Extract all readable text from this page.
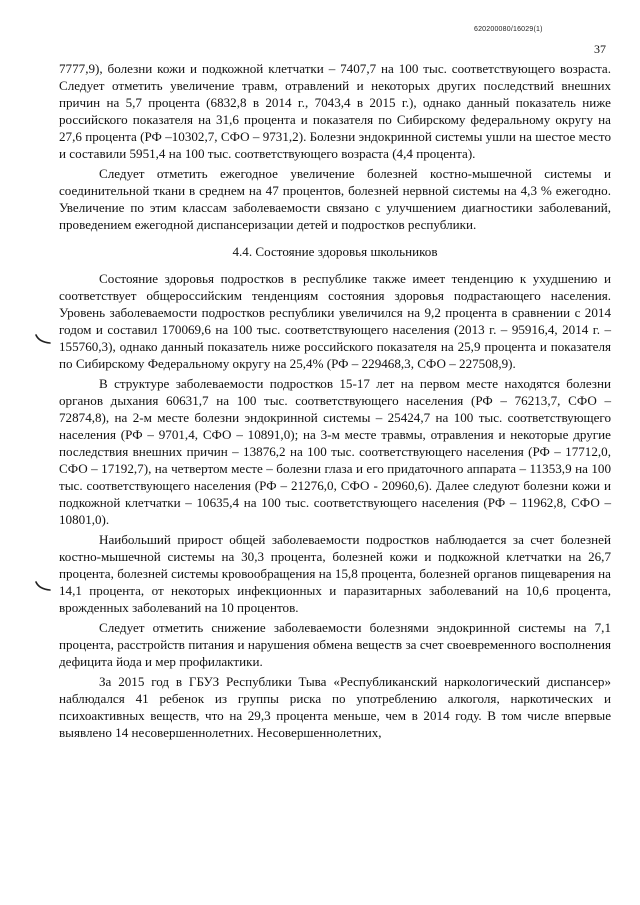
620200080/16029(1)
37

7777,9), болезни кожи и подкожной клетчатки – 7407,7 на 100 тыс. соответствующего возраста. Следует отметить увеличение травм, отравлений и некоторых других последствий внешних причин на 5,7 процента (6832,8 в 2014 г., 7043,4 в 2015 г.), однако данный показатель ниже российского показателя на 31,6 процента и показателя по Сибирскому федеральному округу на 27,6 процента (РФ –10302,7, СФО – 9731,2). Болезни эндокринной системы ушли на шестое место и составили 5951,4 на 100 тыс. соответствующего возраста (4,4 процента).

Следует отметить ежегодное увеличение болезней костно-мышечной системы и соединительной ткани в среднем на 47 процентов, болезней нервной системы на 4,3 % ежегодно. Увеличение по этим классам заболеваемости связано с улучшением диагностики заболеваний, проведением ежегодной диспансеризации детей и подростков республики.

4.4. Состояние здоровья школьников

Состояние здоровья подростков в республике также имеет тенденцию к ухудшению и соответствует общероссийским тенденциям состояния здоровья подрастающего населения. Уровень заболеваемости подростков республики увеличился на 9,2 процента в сравнении с 2014 годом и составил 170069,6 на 100 тыс. соответствующего населения (2013 г. – 95916,4, 2014 г. – 155760,3), однако данный показатель ниже российского показателя на 25,9 процента и показателя по Сибирскому Федеральному округу на 25,4% (РФ – 229468,3, СФО – 227508,9).

В структуре заболеваемости подростков 15-17 лет на первом месте находятся болезни органов дыхания 60631,7 на 100 тыс. соответствующего населения (РФ – 76213,7, СФО – 72874,8), на 2-м месте болезни эндокринной системы – 25424,7 на 100 тыс. соответствующего населения (РФ – 9701,4, СФО – 10891,0); на 3-м месте травмы, отравления и некоторые другие последствия внешних причин – 13876,2 на 100 тыс. соответствующего населения (РФ – 17712,0, СФО – 17192,7), на четвертом месте – болезни глаза и его придаточного аппарата – 11353,9 на 100 тыс. соответствующего населения (РФ – 21276,0, СФО - 20960,6). Далее следуют болезни кожи и подкожной клетчатки – 10635,4 на 100 тыс. соответствующего населения (РФ – 11962,8, СФО – 10801,0).

Наибольший прирост общей заболеваемости подростков наблюдается за счет болезней костно-мышечной системы на 30,3 процента, болезней кожи и подкожной клетчатки на 26,7 процента, болезней системы кровообращения на 15,8 процента, болезней органов пищеварения на 14,1 процента, от некоторых инфекционных и паразитарных заболеваний на 10,6 процента, врожденных заболеваний на 10 процентов.

Следует отметить снижение заболеваемости болезнями эндокринной системы на 7,1 процента, расстройств питания и нарушения обмена веществ за счет своевременного восполнения дефицита йода и мер профилактики.

За 2015 год в ГБУЗ Республики Тыва «Республиканский наркологический диспансер» наблюдался 41 ребенок из группы риска по употреблению алкоголя, наркотических и психоактивных веществ, что на 29,3 процента меньше, чем в 2014 году. В том числе впервые выявлено 14 несовершеннолетних. Несовершеннолетних,
